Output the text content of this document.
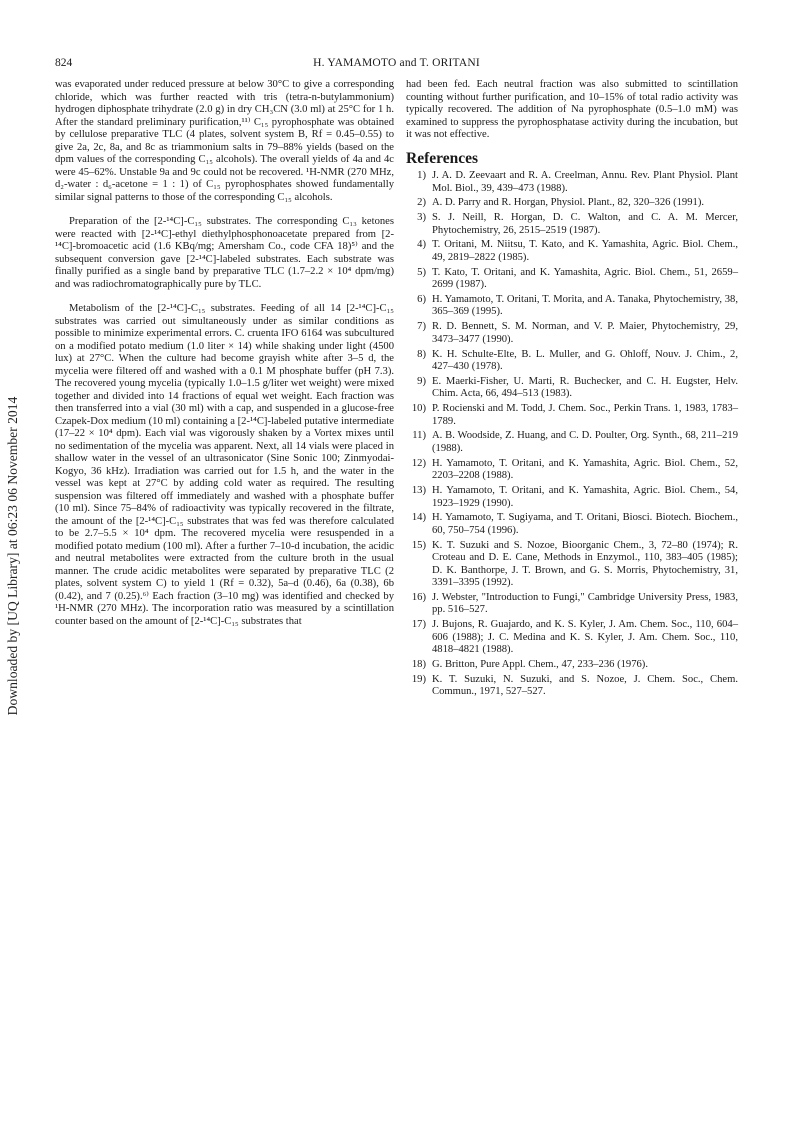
824	H. YAMAMOTO and T. ORITANI
Downloaded by [UQ Library] at 06:23 06 November 2014

was evaporated under reduced pressure at below 30°C to give a corresponding chloride, which was further reacted with tris (tetra-n-butylammonium) hydrogen diphosphate trihydrate (2.0 g) in dry CH₃CN (3.0 ml) at 25°C for 1 h. After the standard preliminary purification,¹¹⁾ C₁₅ pyrophosphate was obtained by cellulose preparative TLC (4 plates, solvent system B, Rf = 0.45–0.55) to give 2a, 2c, 8a, and 8c as triammonium salts in 79–88% yields (based on the dpm values of the corresponding C₁₅ alcohols). The overall yields of 4a and 4c were 45–62%. Unstable 9a and 9c could not be recovered. ¹H-NMR (270 MHz, d₂-water : d₆-acetone = 1 : 1) of C₁₅ pyrophosphates showed fundamentally similar signal patterns to those of the corresponding C₁₅ alcohols.

Preparation of the [2-¹⁴C]-C₁₅ substrates. The corresponding C₁₃ ketones were reacted with [2-¹⁴C]-ethyl diethylphosphonoacetate prepared from [2-¹⁴C]-bromoacetic acid (1.6 KBq/mg; Amersham Co., code CFA 18)⁵⁾ and the subsequent conversion gave [2-¹⁴C]-labeled substrates. Each substrate was finally purified as a single band by preparative TLC (1.7–2.2 × 10⁴ dpm/mg) and was radiochromatographically pure by TLC.

Metabolism of the [2-¹⁴C]-C₁₅ substrates. Feeding of all 14 [2-¹⁴C]-C₁₅ substrates was carried out simultaneously under as similar conditions as possible to minimize experimental errors. C. cruenta IFO 6164 was subcultured on a modified potato medium (1.0 liter × 14) while shaking under light (4500 lux) at 27°C. When the culture had become grayish white after 3–5 d, the mycelia were filtered off and washed with a 0.1 M phosphate buffer (pH 7.3). The recovered young mycelia (typically 1.0–1.5 g/liter wet weight) were mixed together and divided into 14 fractions of equal wet weight. Each fraction was then transferred into a vial (30 ml) with a cap, and suspended in a glucose-free Czapek-Dox medium (10 ml) containing a [2-¹⁴C]-labeled putative intermediate (17–22 × 10⁴ dpm). Each vial was vigorously shaken by a Vortex mixes until no sedimentation of the mycelia was apparent. Next, all 14 vials were placed in shallow water in the vessel of an ultrasonicator (Sine Sonic 100; Zinmyodai-Kogyo, 36 kHz). Irradiation was carried out for 1.5 h, and the water in the vessel was kept at 27°C by adding cold water as required. The resulting suspension was filtered off immediately and washed with a phosphate buffer (10 ml). Since 75–84% of radioactivity was typically recovered in the filtrate, the amount of the [2-¹⁴C]-C₁₅ substrates that was fed was therefore calculated to be 2.7–5.5 × 10⁴ dpm. The recovered mycelia were resuspended in a modified potato medium (100 ml). After a further 7–10-d incubation, the acidic and neutral metabolites were extracted from the culture broth in the usual manner. The crude acidic metabolites were separated by preparative TLC (2 plates, solvent system C) to yield 1 (Rf = 0.32), 5a–d (0.46), 6a (0.38), 6b (0.42), and 7 (0.25).⁶⁾ Each fraction (3–10 mg) was identified and checked by ¹H-NMR (270 MHz). The incorporation ratio was measured by a scintillation counter based on the amount of [2-¹⁴C]-C₁₅ substrates that

had been fed. Each neutral fraction was also submitted to scintillation counting without further purification, and 10–15% of total radio activity was typically recovered. The addition of Na pyrophosphate (0.5–1.0 mM) was examined to suppress the pyrophosphatase activity during the incubation, but it was not effective.

References
1) J. A. D. Zeevaart and R. A. Creelman, Annu. Rev. Plant Physiol. Plant Mol. Biol., 39, 439–473 (1988).
2) A. D. Parry and R. Horgan, Physiol. Plant., 82, 320–326 (1991).
3) S. J. Neill, R. Horgan, D. C. Walton, and C. A. M. Mercer, Phytochemistry, 26, 2515–2519 (1987).
4) T. Oritani, M. Niitsu, T. Kato, and K. Yamashita, Agric. Biol. Chem., 49, 2819–2822 (1985).
5) T. Kato, T. Oritani, and K. Yamashita, Agric. Biol. Chem., 51, 2659–2699 (1987).
6) H. Yamamoto, T. Oritani, T. Morita, and A. Tanaka, Phytochemistry, 38, 365–369 (1995).
7) R. D. Bennett, S. M. Norman, and V. P. Maier, Phytochemistry, 29, 3473–3477 (1990).
8) K. H. Schulte-Elte, B. L. Muller, and G. Ohloff, Nouv. J. Chim., 2, 427–430 (1978).
9) E. Maerki-Fisher, U. Marti, R. Buchecker, and C. H. Eugster, Helv. Chim. Acta, 66, 494–513 (1983).
10) P. Rocienski and M. Todd, J. Chem. Soc., Perkin Trans. 1, 1983, 1783–1789.
11) A. B. Woodside, Z. Huang, and C. D. Poulter, Org. Synth., 68, 211–219 (1988).
12) H. Yamamoto, T. Oritani, and K. Yamashita, Agric. Biol. Chem., 52, 2203–2208 (1988).
13) H. Yamamoto, T. Oritani, and K. Yamashita, Agric. Biol. Chem., 54, 1923–1929 (1990).
14) H. Yamamoto, T. Sugiyama, and T. Oritani, Biosci. Biotech. Biochem., 60, 750–754 (1996).
15) K. T. Suzuki and S. Nozoe, Bioorganic Chem., 3, 72–80 (1974); R. Croteau and D. E. Cane, Methods in Enzymol., 110, 383–405 (1985); D. K. Banthorpe, J. T. Brown, and G. S. Morris, Phytochemistry, 31, 3391–3395 (1992).
16) J. Webster, "Introduction to Fungi," Cambridge University Press, 1983, pp. 516–527.
17) J. Bujons, R. Guajardo, and K. S. Kyler, J. Am. Chem. Soc., 110, 604–606 (1988); J. C. Medina and K. S. Kyler, J. Am. Chem. Soc., 110, 4818–4821 (1988).
18) G. Britton, Pure Appl. Chem., 47, 233–236 (1976).
19) K. T. Suzuki, N. Suzuki, and S. Nozoe, J. Chem. Soc., Chem. Commun., 1971, 527–527.
